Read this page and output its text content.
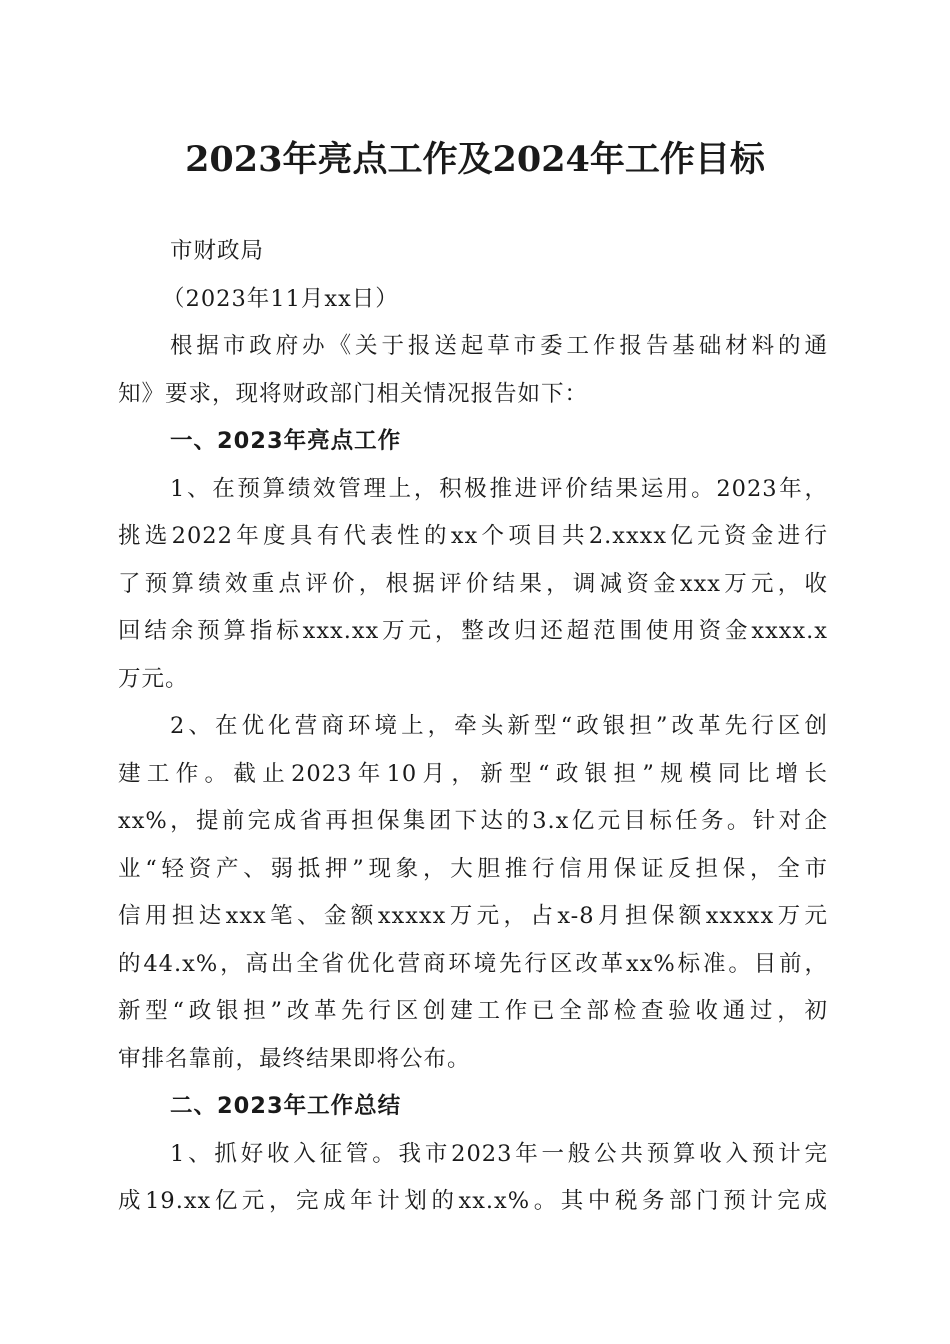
2023年亮点工作及2024年工作目标
市财政局
（2023年11月xx日）
根据市政府办《关于报送起草市委工作报告基础材料的通
知》要求，现将财政部门相关情况报告如下：
一、2023年亮点工作
1、在预算绩效管理上，积极推进评价结果运用。2023年，
挑选2022年度具有代表性的xx个项目共2.xxxx亿元资金进行
了预算绩效重点评价，根据评价结果，调减资金xxx万元，收
回结余预算指标xxx.xx万元，整改归还超范围使用资金xxxx.x
万元。
2、在优化营商环境上，牵头新型“政银担”改革先行区创
建工作。截止2023年10月，新型“政银担”规模同比增长
xx%，提前完成省再担保集团下达的3.x亿元目标任务。针对企
业“轻资产、弱抵押”现象，大胆推行信用保证反担保，全市
信用担达xxx笔、金额xxxxx万元，占x-8月担保额xxxxx万元
的44.x%，高出全省优化营商环境先行区改革xx%标准。目前，
新型“政银担”改革先行区创建工作已全部检查验收通过，初
审排名靠前，最终结果即将公布。
二、2023年工作总结
1、抓好收入征管。我市2023年一般公共预算收入预计完
成19.xx亿元，完成年计划的xx.x%。其中税务部门预计完成
